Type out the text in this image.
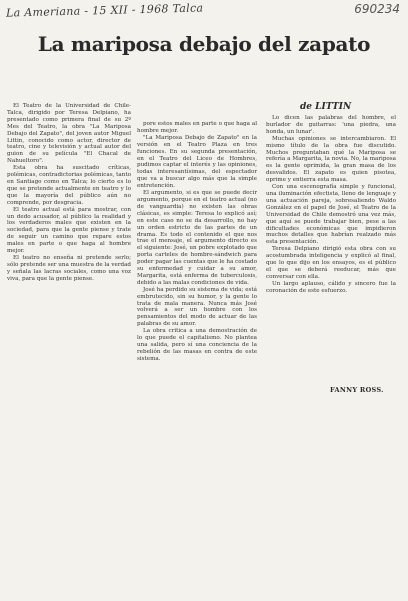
La Ameriana - 15 XII - 1968 Talca	690234
La mariposa debajo del zapato
de LITTIN

El Teatro de la Universidad de Chile-Talca, dirigido por Teresa Delpiano, ha presentado como primera final de su 2º Mes del Teatro, la obra "La Mariposa Debajo del Zapato", del joven autor Miguel Littin, conocido como actor, director de teatro, cine y televisión y actual autor del guion de su película "El Chacal de Nahueltoro".

Esta obra ha suscitado críticas, polémicas, contradictorias polémicas, tanto en Santiago como en Talca; lo cierto es lo que se pretende actualmente en teatro y lo que la mayoría del público aún no comprende, por desgracia.

El teatro actual está para mostrar, con un dedo acusador, al público la realidad y los verdaderos males que existen en la sociedad, para que la gente piense y trate de seguir un camino que repare estos males en parte o que haga al hombre mejor.

El teatro no enseña ni pretende serlo; sólo pretende ser una muestra de la verdad y señala las lacras sociales, como una voz viva, para que la gente piense.

pore estos males en parte o que haga al hombre mejor.

"La Mariposa Debajo de Zapato" en la versión en el Teatro Plaza en tres funciones. En su segunda presentación, en el Teatro del Liceo de Hombres, pudimos captar el interés y las opiniones, todas interesantísimas, del espectador que va a buscar algo más que la simple entretención.

El argumento, si es que se puede decir argumento, porque en el teatro actual (no de vanguardia) no existen las obras clásicas, es simple: Teresa lo explicó así; en este caso no se da desarrollo, no hay un orden estricto de las partes de un drama. Es todo el contenido el que nos trae el mensaje, el argumento directo es el siguiente: José, un pobre explotado que porta carteles de hombre-sándwich para poder pagar las cuentas que le ha costado su enfermedad y cuidar a su amor, Margarita, está enferma de tuberculosis, debido a las malas condiciones de vida.

José ha perdido su sistema de vida; está embrutecido, sin su humor, y la gente lo trata de mala manera. Nunca más José volverá a ser un hombre con los pensamientos del modo de actuar de las palabras de su amor.

La obra critica a una demostración de lo que puede el capitalismo. No plantea una salida, pero sí una conciencia de la rebelión de las masas en contra de este sistema.

Lo dicen las palabras del hombre, el burlador de guitarras: 'una piedra, una honda, un lunar'.

Muchas opiniones se intercambiaron. El mismo título de la obra fue discutido. Muchos preguntaban qué la Mariposa se refería a Margarita, la novia. No, la mariposa es la gente oprimida, la gran masa de los desvalidos. El zapato es quien pisotea, oprime y entierra esta masa.

Con una escenografía simple y funcional, una iluminación efectista, lleno de lenguaje y una actuación pareja, sobresaliendo Waldo González en el papel de José, el Teatro de la Universidad de Chile demostró una vez más, que aquí se puede trabajar bien, pese a las dificultades económicas que impidieron muchos detalles que habrían realzado más esta presentación.

Teresa Delpiano dirigió esta obra con su acostumbrada inteligencia y explicó al final, que lo que dijo en los ensayos, es el público el que se deberá reeducar, más que conversar con ella.

Un largo aplauso, cálido y sincero fue la coronación de este esfuerzo.

FANNY ROSS.
